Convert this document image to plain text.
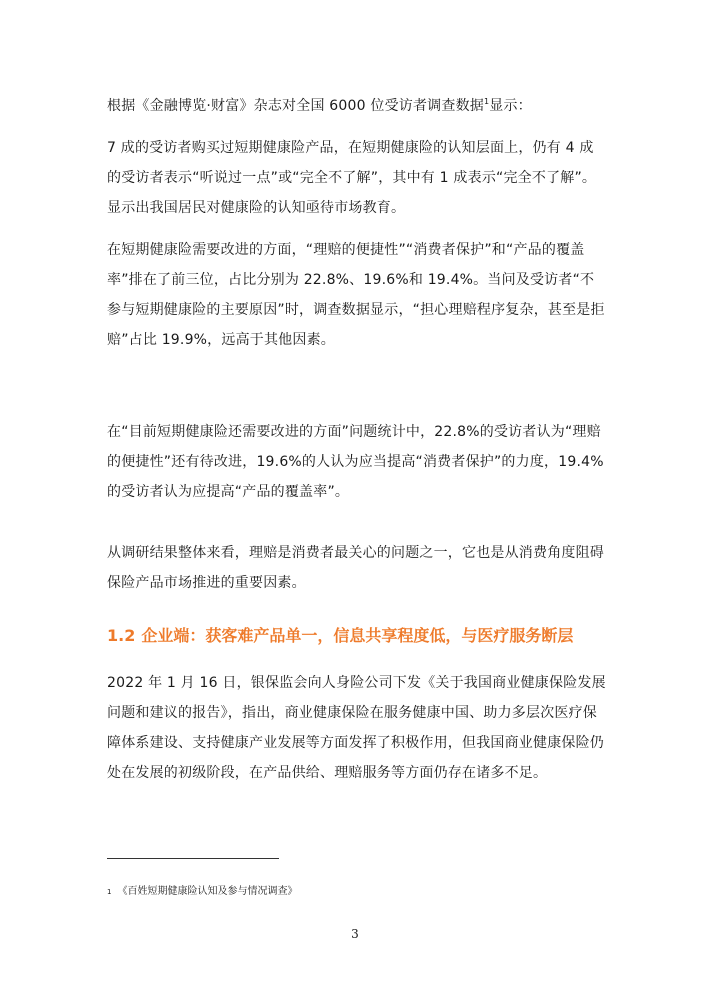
根据《金融博览·财富》杂志对全国 6000 位受访者调查数据$^1$显示：

7 成的受访者购买过短期健康险产品，在短期健康险的认知层面上，仍有 4 成的受访者表示“听说过一点”或“完全不了解”，其中有 1 成表示“完全不了解”。显示出我国居民对健康险的认知亟待市场教育。

在短期健康险需要改进的方面，“理赔的便捷性”“消费者保护”和“产品的覆盖率”排在了前三位，占比分别为 22.8%、19.6%和 19.4%。当问及受访者“不参与短期健康险的主要原因”时，调查数据显示，“担心理赔程序复杂，甚至是拒赔”占比 19.9%，远高于其他因素。

在“目前短期健康险还需要改进的方面”问题统计中，22.8%的受访者认为“理赔的便捷性”还有待改进，19.6%的人认为应当提高“消费者保护”的力度，19.4%的受访者认为应提高“产品的覆盖率”。

从调研结果整体来看，理赔是消费者最关心的问题之一，它也是从消费角度阻碍保险产品市场推进的重要因素。

1.2 企业端：获客难产品单一，信息共享程度低，与医疗服务断层

2022 年 1 月 16 日，银保监会向人身险公司下发《关于我国商业健康保险发展问题和建议的报告》，指出，商业健康保险在服务健康中国、助力多层次医疗保障体系建设、支持健康产业发展等方面发挥了积极作用，但我国商业健康保险仍处在发展的初级阶段，在产品供给、理赔服务等方面仍存在诸多不足。

$^1$ 《百姓短期健康险认知及参与情况调查》

3
